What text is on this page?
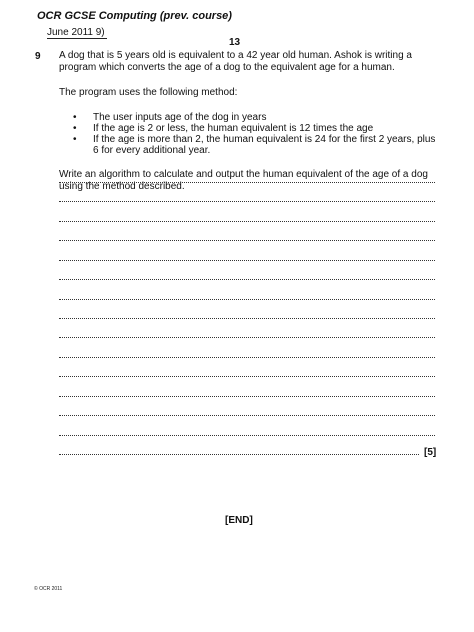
OCR GCSE Computing (prev. course)
June 2011 9)
13
9 A dog that is 5 years old is equivalent to a 42 year old human. Ashok is writing a program which converts the age of a dog to the equivalent age for a human.

The program uses the following method:

• The user inputs age of the dog in years
• If the age is 2 or less, the human equivalent is 12 times the age
• If the age is more than 2, the human equivalent is 24 for the first 2 years, plus 6 for every additional year.

Write an algorithm to calculate and output the human equivalent of the age of a dog using the method described.

[5]
[END]
© OCR 2011
